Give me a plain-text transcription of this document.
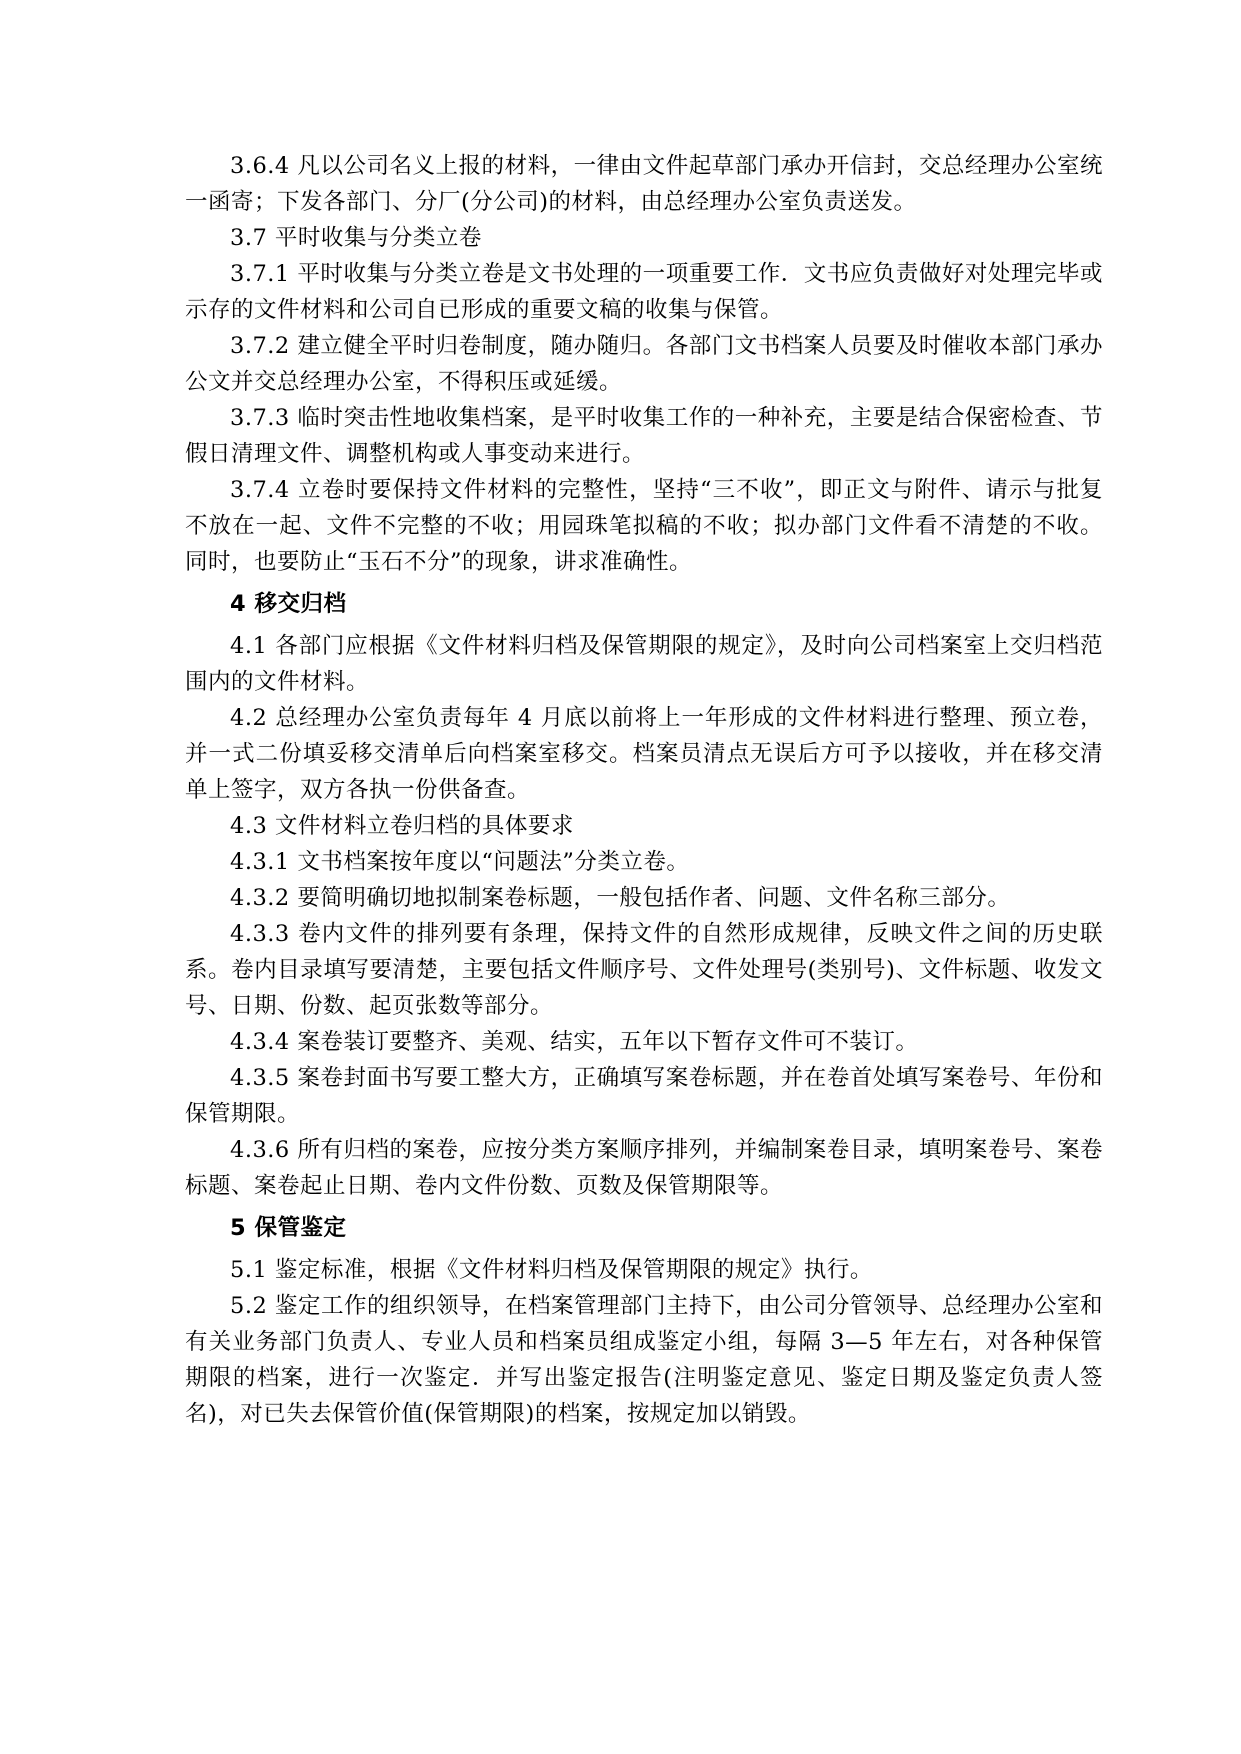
3.6.4 凡以公司名义上报的材料，一律由文件起草部门承办开信封，交总经理办公室统一函寄；下发各部门、分厂(分公司)的材料，由总经理办公室负责送发。

3.7 平时收集与分类立卷

3.7.1 平时收集与分类立卷是文书处理的一项重要工作．文书应负责做好对处理完毕或示存的文件材料和公司自已形成的重要文稿的收集与保管。

3.7.2 建立健全平时归卷制度，随办随归。各部门文书档案人员要及时催收本部门承办公文并交总经理办公室，不得积压或延缓。

3.7.3 临时突击性地收集档案，是平时收集工作的一种补充，主要是结合保密检查、节假日清理文件、调整机构或人事变动来进行。

3.7.4 立卷时要保持文件材料的完整性，坚持“三不收”，即正文与附件、请示与批复不放在一起、文件不完整的不收；用园珠笔拟稿的不收；拟办部门文件看不清楚的不收。同时，也要防止“玉石不分”的现象，讲求准确性。

4 移交归档

4.1 各部门应根据《文件材料归档及保管期限的规定》，及时向公司档案室上交归档范围内的文件材料。

4.2 总经理办公室负责每年 4 月底以前将上一年形成的文件材料进行整理、预立卷，并一式二份填妥移交清单后向档案室移交。档案员清点无误后方可予以接收，并在移交清单上签字，双方各执一份供备查。

4.3 文件材料立卷归档的具体要求

4.3.1 文书档案按年度以“问题法”分类立卷。

4.3.2 要简明确切地拟制案卷标题，一般包括作者、问题、文件名称三部分。

4.3.3 卷内文件的排列要有条理，保持文件的自然形成规律，反映文件之间的历史联系。卷内目录填写要清楚，主要包括文件顺序号、文件处理号(类别号)、文件标题、收发文号、日期、份数、起页张数等部分。

4.3.4 案卷装订要整齐、美观、结实，五年以下暂存文件可不装订。

4.3.5 案卷封面书写要工整大方，正确填写案卷标题，并在卷首处填写案卷号、年份和保管期限。

4.3.6 所有归档的案卷，应按分类方案顺序排列，并编制案卷目录，填明案卷号、案卷标题、案卷起止日期、卷内文件份数、页数及保管期限等。

5 保管鉴定

5.1 鉴定标准，根据《文件材料归档及保管期限的规定》执行。

5.2 鉴定工作的组织领导，在档案管理部门主持下，由公司分管领导、总经理办公室和有关业务部门负责人、专业人员和档案员组成鉴定小组，每隔 3—5 年左右，对各种保管期限的档案，进行一次鉴定．并写出鉴定报告(注明鉴定意见、鉴定日期及鉴定负责人签名)，对已失去保管价值(保管期限)的档案，按规定加以销毁。
